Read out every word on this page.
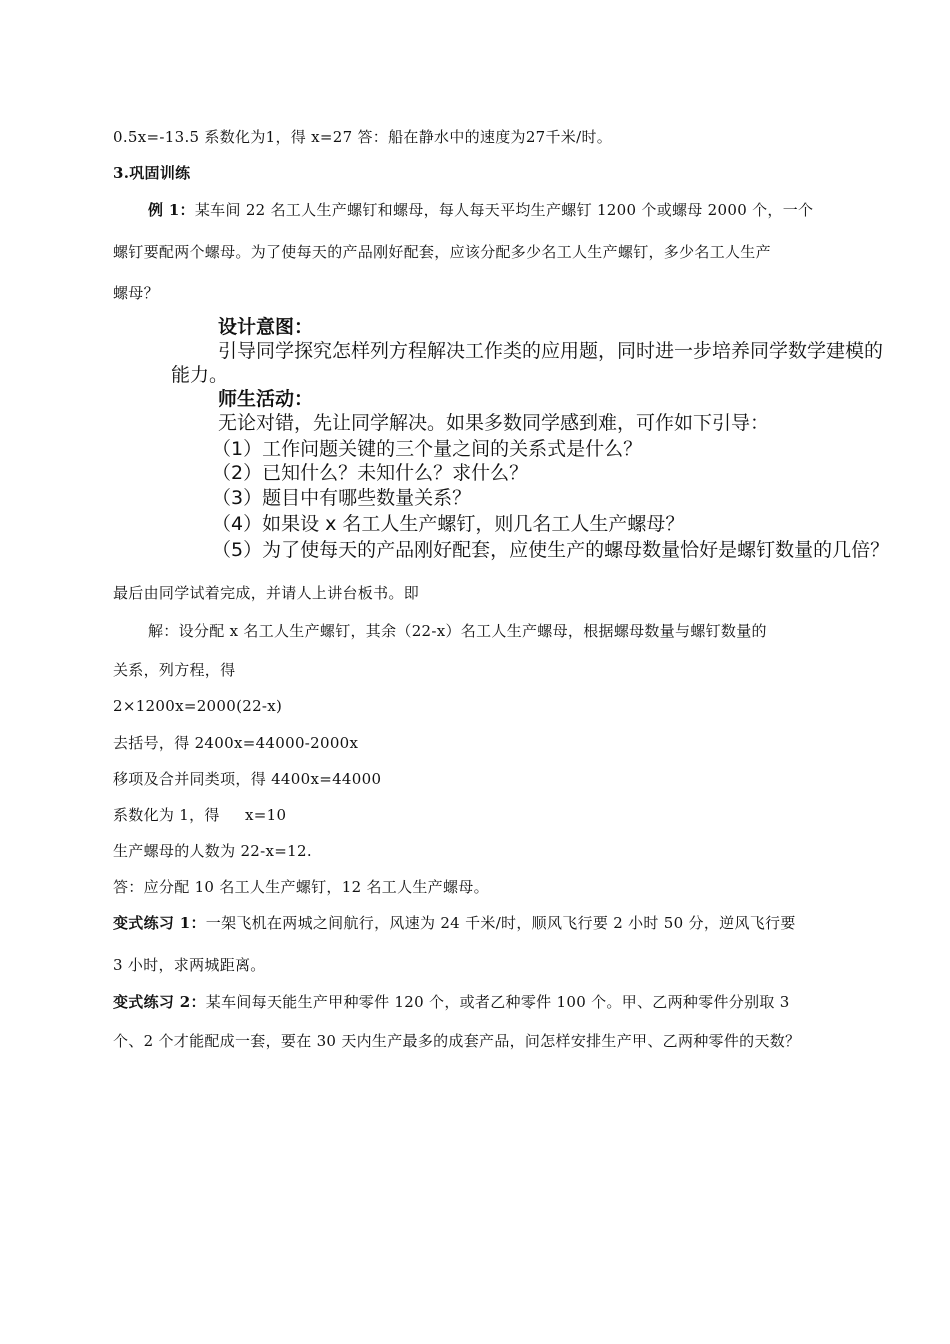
0.5x=-13.5 系数化为1，得 x=27 答：船在静水中的速度为27千米/时。
3.巩固训练
例 1：某车间 22 名工人生产螺钉和螺母，每人每天平均生产螺钉 1200 个或螺母 2000 个，一个
螺钉要配两个螺母。为了使每天的产品刚好配套，应该分配多少名工人生产螺钉，多少名工人生产
螺母？
设计意图：
引导同学探究怎样列方程解决工作类的应用题，同时进一步培养同学数学建模的
能力。
师生活动：
无论对错，先让同学解决。如果多数同学感到难，可作如下引导：
（1）工作问题关键的三个量之间的关系式是什么？
（2）已知什么？未知什么？求什么？
（3）题目中有哪些数量关系？
（4）如果设 x 名工人生产螺钉，则几名工人生产螺母？
（5）为了使每天的产品刚好配套，应使生产的螺母数量恰好是螺钉数量的几倍？
最后由同学试着完成，并请人上讲台板书。即
解：设分配 x 名工人生产螺钉，其余（22-x）名工人生产螺母，根据螺母数量与螺钉数量的
关系，列方程，得
2×1200x=2000(22-x)
去括号，得 2400x=44000-2000x
移项及合并同类项，得 4400x=44000
系数化为 1，得     x=10
生产螺母的人数为 22-x=12.
答：应分配 10 名工人生产螺钉，12 名工人生产螺母。
变式练习 1：一架飞机在两城之间航行，风速为 24 千米/时，顺风飞行要 2 小时 50 分，逆风飞行要
3 小时，求两城距离。
变式练习 2：某车间每天能生产甲种零件 120 个，或者乙种零件 100 个。甲、乙两种零件分别取 3
个、2 个才能配成一套，要在 30 天内生产最多的成套产品，问怎样安排生产甲、乙两种零件的天数？
